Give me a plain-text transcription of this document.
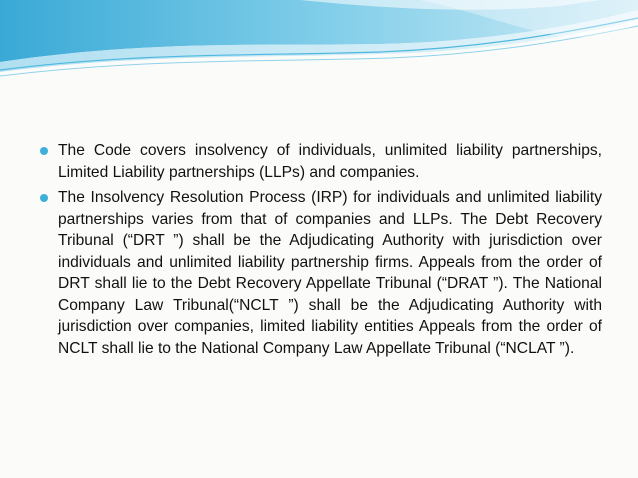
The Code covers insolvency of individuals, unlimited liability partnerships, Limited Liability partnerships (LLPs) and companies.
The Insolvency Resolution Process (IRP) for individuals and unlimited liability partnerships varies from that of companies and LLPs. The Debt Recovery Tribunal (“DRT ”) shall be the Adjudicating Authority with jurisdiction over individuals and unlimited liability partnership firms. Appeals from the order of DRT shall lie to the Debt Recovery Appellate Tribunal (“DRAT ”). The National Company Law Tribunal(“NCLT ”) shall be the Adjudicating Authority with jurisdiction over companies, limited liability entities Appeals from the order of NCLT shall lie to the National Company Law Appellate Tribunal (“NCLAT ”).
